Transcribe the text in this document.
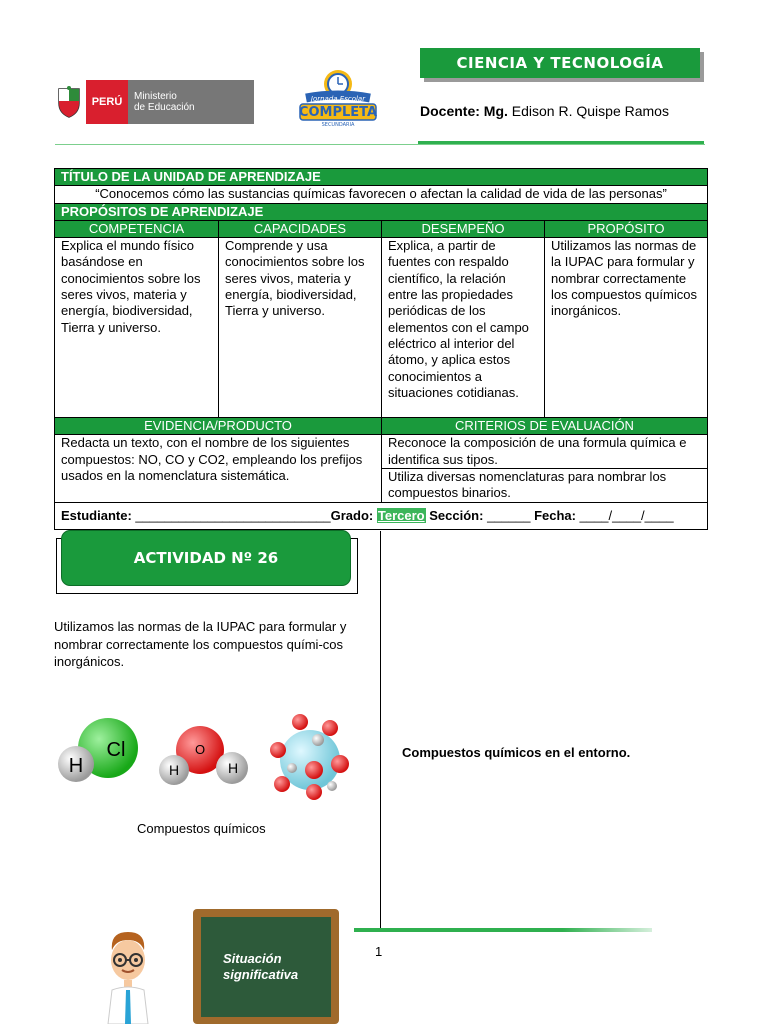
PERÚ	Ministerio
de Educación
Jornada Escolar
COMPLETA
SECUNDARIA
CIENCIA Y TECNOLOGÍA
Docente: Mg. Edison R. Quispe Ramos
TÍTULO DE LA UNIDAD DE APRENDIZAJE			
“Conocemos cómo las sustancias químicas favorecen o afectan la calidad de vida de las personas”			
PROPÓSITOS DE APRENDIZAJE			
COMPETENCIA	CAPACIDADES	DESEMPEÑO	PROPÓSITO
Explica el mundo físico basándose en conocimientos sobre los seres vivos, materia y energía, biodiversidad, Tierra y universo.	Comprende y usa conocimientos sobre los seres vivos, materia y energía, biodiversidad, Tierra y universo.	Explica, a partir de fuentes con respaldo científico, la relación entre las propiedades periódicas de los elementos con el campo eléctrico al interior del átomo, y aplica estos conocimientos a situaciones cotidianas.	Utilizamos las normas de la IUPAC para formular y nombrar correctamente los compuestos químicos inorgánicos.
EVIDENCIA/PRODUCTO		CRITERIOS DE EVALUACIÓN	
Redacta un texto, con el nombre de los siguientes compuestos: NO, CO y CO2, empleando los prefijos usados en la nomenclatura sistemática.		Reconoce la composición de una formula química e identifica sus tipos.	
		Utiliza diversas nomenclaturas para nombrar los compuestos binarios.	
Estudiante: ___________________________Grado: Tercero Sección: ______ Fecha: ____/____/____			
ACTIVIDAD Nº 26
Utilizamos las normas de la IUPAC para formular y nombrar correctamente los compuestos quími-cos inorgánicos.
H
Cl	O
H	H
Compuestos químicos
Compuestos químicos en el entorno.
Situación
significativa
1
